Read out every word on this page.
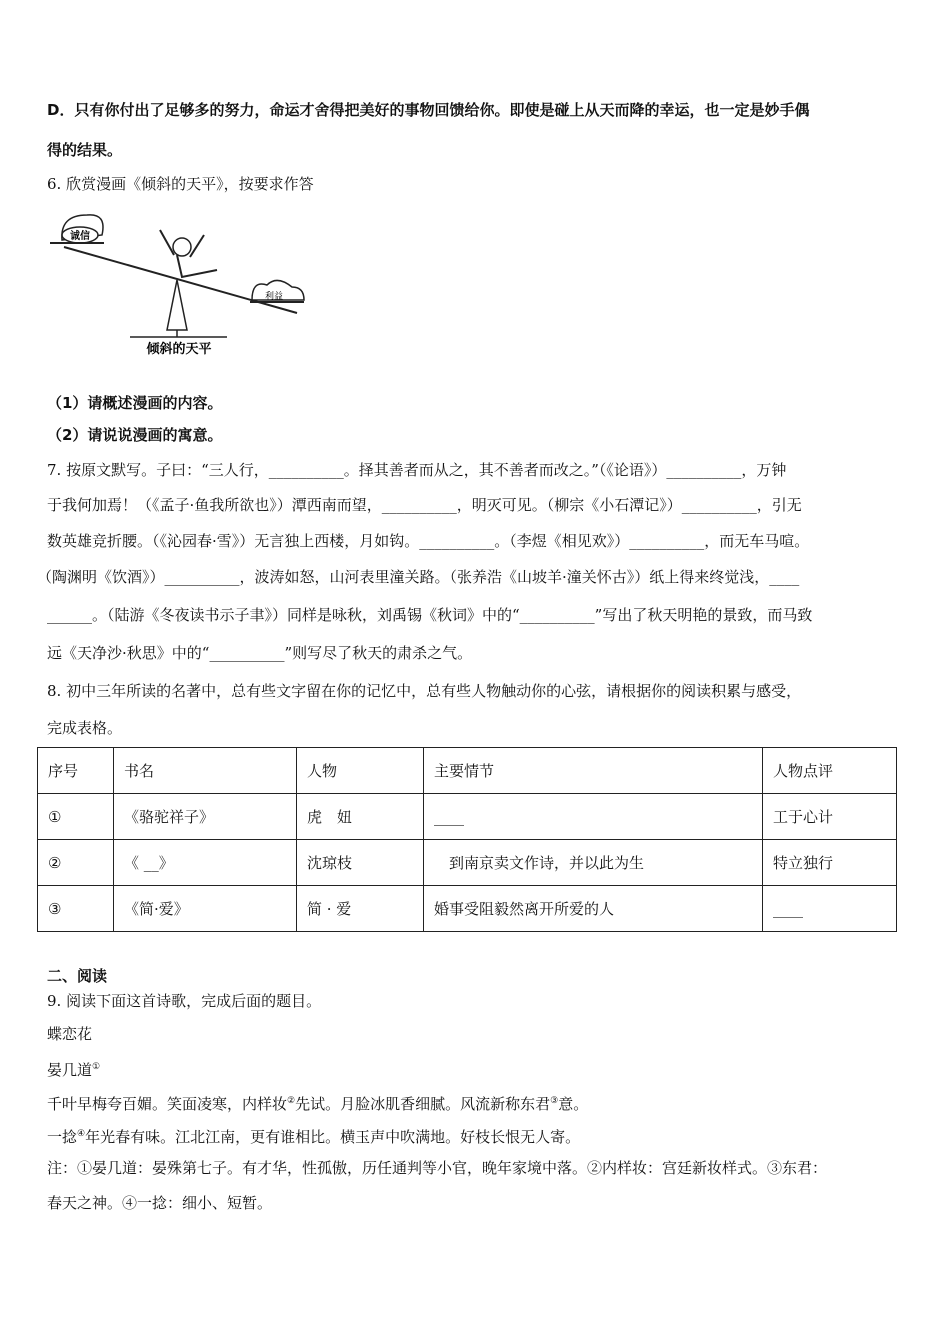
D．只有你付出了足够多的努力，命运才舍得把美好的事物回馈给你。即使是碰上从天而降的幸运，也一定是妙手偶
得的结果。
6. 欣赏漫画《倾斜的天平》，按要求作答
诚信
利益
倾斜的天平
（1）请概述漫画的内容。
（2）请说说漫画的寓意。
7. 按原文默写。子曰：“三人行，__________。择其善者而从之，其不善者而改之。”（《论语》）__________，万钟
于我何加焉！（《孟子·鱼我所欲也》）潭西南而望，__________，明灭可见。（柳宗《小石潭记》）__________，引无
数英雄竞折腰。（《沁园春·雪》）无言独上西楼，月如钩。__________。（李煜《相见欢》）__________，而无车马喧。
（陶渊明《饮酒》）__________，波涛如怒，山河表里潼关路。（张养浩《山坡羊·潼关怀古》）纸上得来终觉浅，____
______。（陆游《冬夜读书示子聿》）同样是咏秋，刘禹锡《秋词》中的“__________”写出了秋天明艳的景致，而马致
远《天净沙·秋思》中的“__________”则写尽了秋天的肃杀之气。
8. 初中三年所读的名著中，总有些文字留在你的记忆中，总有些人物触动你的心弦，请根据你的阅读积累与感受，
完成表格。
序号	书名	人物	主要情节	人物点评
①	《骆驼祥子》	虎　妞	____	工于心计
②	《 __》	沈琼枝	　到南京卖文作诗，并以此为生	特立独行
③	《简·爱》	简 · 爱	婚事受阻毅然离开所爱的人	____
二、阅读
9. 阅读下面这首诗歌，完成后面的题目。
蝶恋花
晏几道①
千叶早梅夸百媚。笑面凌寒，内样妆②先试。月脸冰肌香细腻。风流新称东君③意。
一捻④年光春有味。江北江南，更有谁相比。横玉声中吹满地。好枝长恨无人寄。
注：①晏几道：晏殊第七子。有才华，性孤傲，历任通判等小官，晚年家境中落。②内样妆：宫廷新妆样式。③东君：
春天之神。④一捻：细小、短暂。
